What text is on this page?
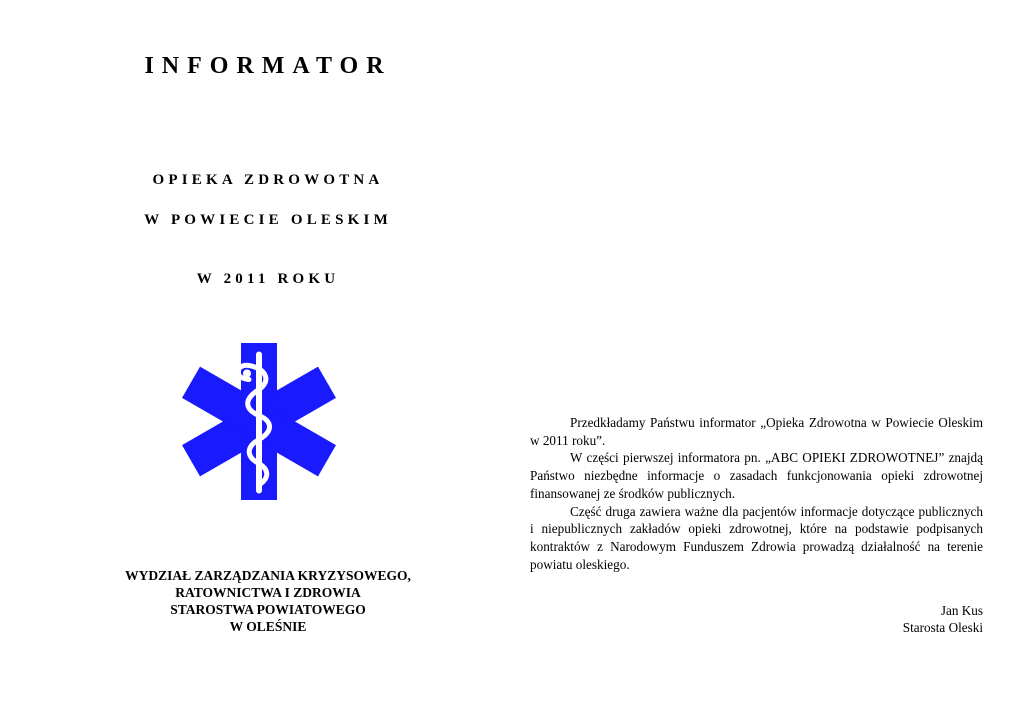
INFORMATOR
OPIEKA ZDROWOTNA
W POWIECIE OLESKIM
W 2011 ROKU
WYDZIAŁ ZARZĄDZANIA KRYZYSOWEGO,
RATOWNICTWA I ZDROWIA
STAROSTWA POWIATOWEGO
W OLEŚNIE

Przedkładamy Państwu informator „Opieka Zdrowotna w Powiecie Oleskim w 2011 roku”.

W części pierwszej informatora pn. „ABC OPIEKI ZDROWOTNEJ” znajdą Państwo niezbędne informacje o zasadach funkcjonowania opieki zdrowotnej finansowanej ze środków publicznych.

Część druga zawiera ważne dla pacjentów informacje dotyczące publicznych i niepublicznych zakładów opieki zdrowotnej, które na podstawie podpisanych kontraktów z Narodowym Funduszem Zdrowia prowadzą działalność na terenie powiatu oleskiego.

Jan Kus
Starosta Oleski
